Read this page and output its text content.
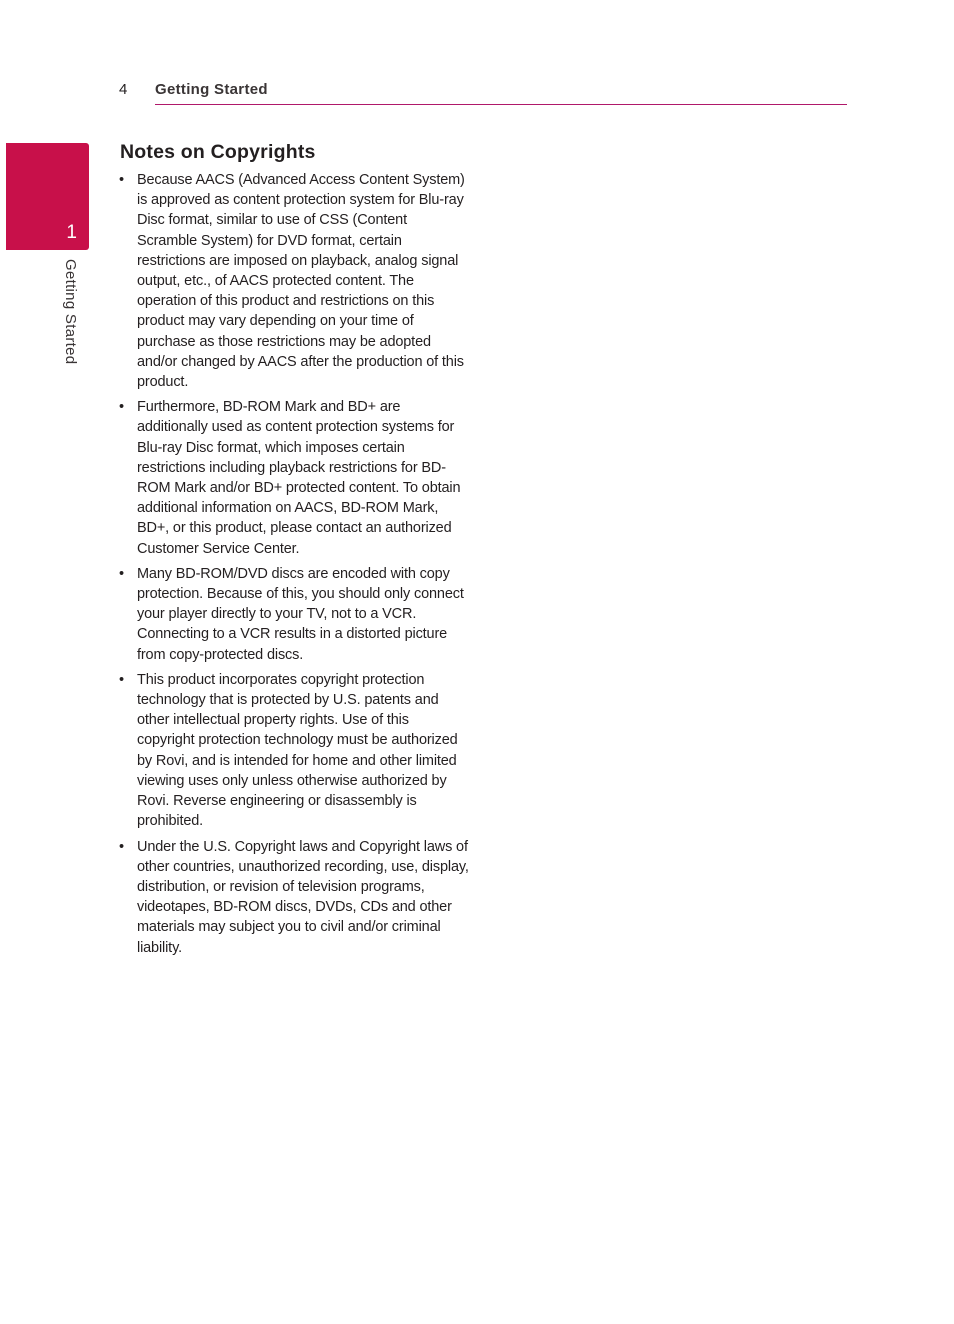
4 Getting Started
1
Getting Started
Notes on Copyrights
• Because AACS (Advanced Access Content System) is approved as content protection system for Blu-ray Disc format, similar to use of CSS (Content Scramble System) for DVD format, certain restrictions are imposed on playback, analog signal output, etc., of AACS protected content. The operation of this product and restrictions on this product may vary depending on your time of purchase as those restrictions may be adopted and/or changed by AACS after the production of this product.
• Furthermore, BD-ROM Mark and BD+ are additionally used as content protection systems for Blu-ray Disc format, which imposes certain restrictions including playback restrictions for BD-ROM Mark and/or BD+ protected content. To obtain additional information on AACS, BD-ROM Mark, BD+, or this product, please contact an authorized Customer Service Center.
• Many BD-ROM/DVD discs are encoded with copy protection. Because of this, you should only connect your player directly to your TV, not to a VCR. Connecting to a VCR results in a distorted picture from copy-protected discs.
• This product incorporates copyright protection technology that is protected by U.S. patents and other intellectual property rights. Use of this copyright protection technology must be authorized by Rovi, and is intended for home and other limited viewing uses only unless otherwise authorized by Rovi. Reverse engineering or disassembly is prohibited.
• Under the U.S. Copyright laws and Copyright laws of other countries, unauthorized recording, use, display, distribution, or revision of television programs, videotapes, BD-ROM discs, DVDs, CDs and other materials may subject you to civil and/or criminal liability.
